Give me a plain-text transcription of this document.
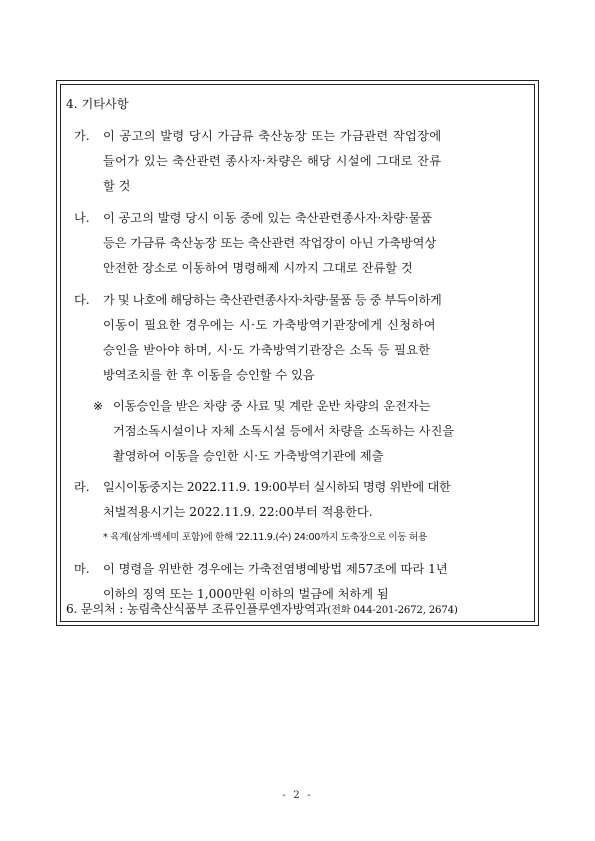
4. 기타사항
가. 이 공고의 발령 당시 가금류 축산농장 또는 가금관련 작업장에
들어가 있는 축산관련 종사자·차량은 해당 시설에 그대로 잔류
할 것
나. 이 공고의 발령 당시 이동 중에 있는 축산관련종사자·차량·물품
등은 가금류 축산농장 또는 축산관련 작업장이 아닌 가축방역상
안전한 장소로 이동하여 명령해제 시까지 그대로 잔류할 것
다. 가 및 나호에 해당하는 축산관련종사자·차량·물품 등 중 부득이하게
이동이 필요한 경우에는 시·도 가축방역기관장에게 신청하여
승인을 받아야 하며, 시·도 가축방역기관장은 소독 등 필요한
방역조치를 한 후 이동을 승인할 수 있음
※ 이동승인을 받은 차량 중 사료 및 계란 운반 차량의 운전자는
거점소독시설이나 자체 소독시설 등에서 차량을 소독하는 사진을
촬영하여 이동을 승인한 시·도 가축방역기관에 제출
라. 일시이동중지는 2022.11.9. 19:00부터 실시하되 명령 위반에 대한
처벌적용시기는 2022.11.9. 22:00부터 적용한다.
* 육계(삼계·백세미 포함)에 한해 '22.11.9.(수) 24:00까지 도축장으로 이동 허용
마. 이 명령을 위반한 경우에는 가축전염병예방법 제57조에 따라 1년
이하의 징역 또는 1,000만원 이하의 벌금에 처하게 됨
6. 문의처 : 농림축산식품부 조류인플루엔자방역과(전화 044-201-2672, 2674)
- 2 -
